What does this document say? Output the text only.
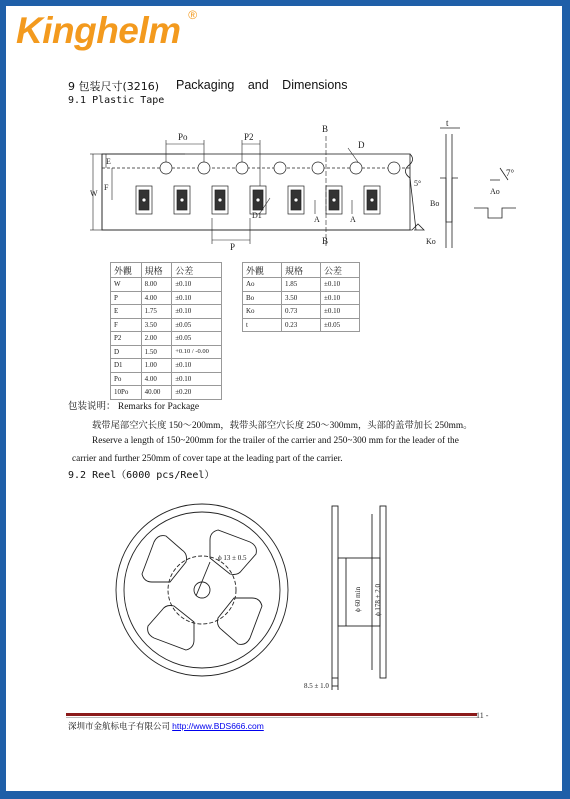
Kinghelm ®
9 包装尺寸(3216) Packaging and Dimensions
9.1 Plastic Tape
Po	P2
B
D
E
F
W
P
D1	A	A
B
t
5°
7°
Bo
Ao
Ko
外觀	規格	公差
W	8.00	±0.10
P	4.00	±0.10
E	1.75	±0.10
F	3.50	±0.05
P2	2.00	±0.05
D	1.50	+0.10 / -0.00
D1	1.00	±0.10
Po	4.00	±0.10
10Po	40.00	±0.20
外觀	規格	公差
Ao	1.85	±0.10
Bo	3.50	±0.10
Ko	0.73	±0.10
t	0.23	±0.05
包装说明： Remarks for Package
载带尾部空穴长度 150～200mm，载带头部空穴长度 250～300mm，头部的盖带加长 250mm。
Reserve a length of 150~200mm for the trailer of the carrier and 250~300 mm for the leader of the
carrier and further 250mm of cover tape at the leading part of the carrier.
9.2 Reel（6000 pcs/Reel）
ϕ 13 ± 0.5
ϕ 60 min ϕ 178 ± 2.0
8.5 ± 1.0
深圳市金航标电子有限公司 http://www.BDS666.com
11 -
